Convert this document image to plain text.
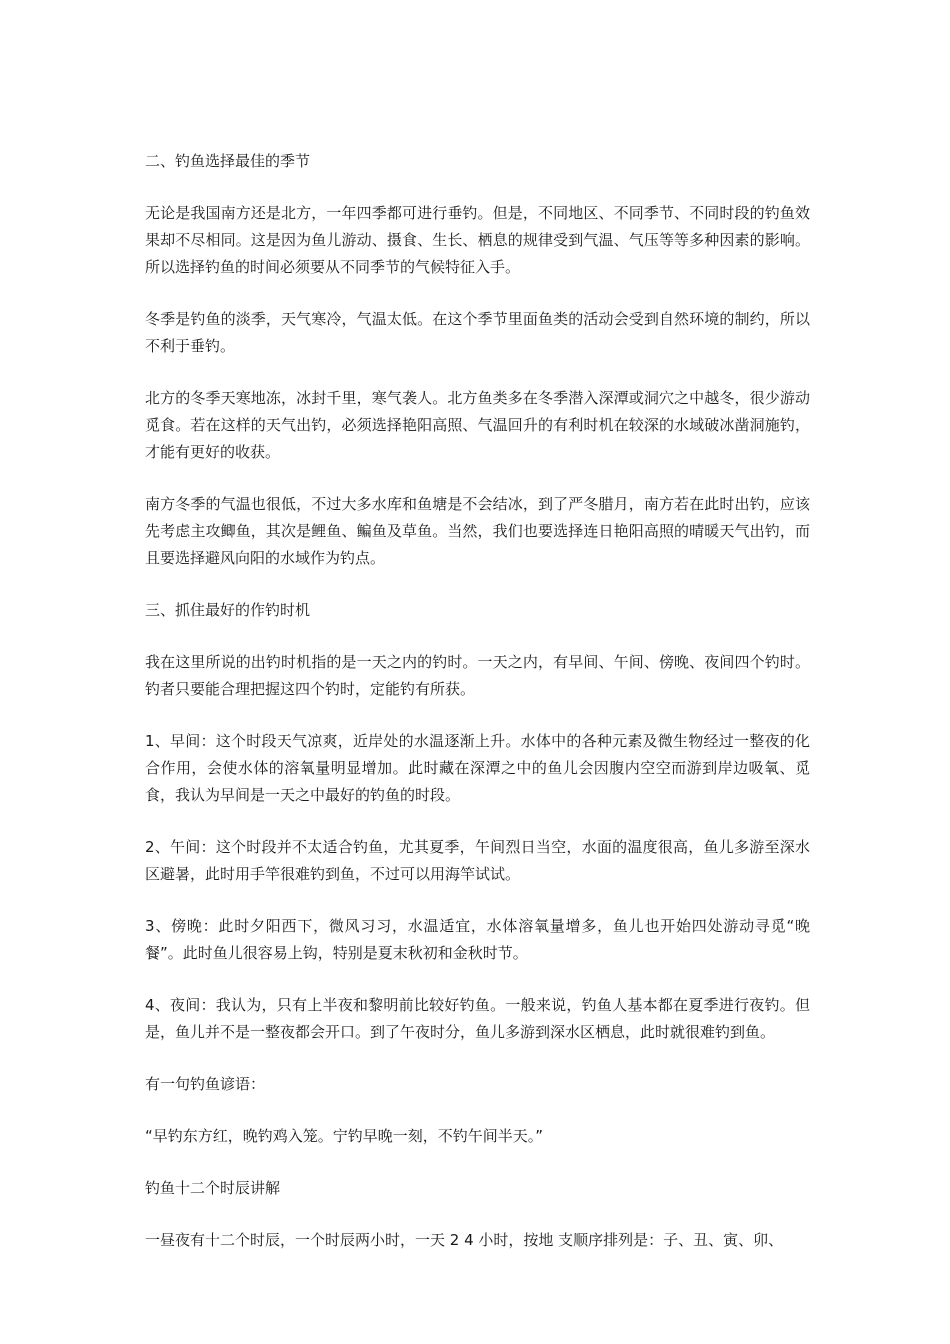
二、钓鱼选择最佳的季节

无论是我国南方还是北方，一年四季都可进行垂钓。但是，不同地区、不同季节、不同时段的钓鱼效果却不尽相同。这是因为鱼儿游动、摄食、生长、栖息的规律受到气温、气压等等多种因素的影响。所以选择钓鱼的时间必须要从不同季节的气候特征入手。

冬季是钓鱼的淡季，天气寒冷，气温太低。在这个季节里面鱼类的活动会受到自然环境的制约，所以不利于垂钓。

北方的冬季天寒地冻，冰封千里，寒气袭人。北方鱼类多在冬季潜入深潭或洞穴之中越冬，很少游动觅食。若在这样的天气出钓，必须选择艳阳高照、气温回升的有利时机在较深的水域破冰凿洞施钓，才能有更好的收获。

南方冬季的气温也很低，不过大多水库和鱼塘是不会结冰，到了严冬腊月，南方若在此时出钓，应该先考虑主攻鲫鱼，其次是鲤鱼、鳊鱼及草鱼。当然，我们也要选择连日艳阳高照的晴暖天气出钓，而且要选择避风向阳的水域作为钓点。

三、抓住最好的作钓时机

我在这里所说的出钓时机指的是一天之内的钓时。一天之内，有早间、午间、傍晚、夜间四个钓时。钓者只要能合理把握这四个钓时，定能钓有所获。

1、早间：这个时段天气凉爽，近岸处的水温逐渐上升。水体中的各种元素及微生物经过一整夜的化合作用，会使水体的溶氧量明显增加。此时藏在深潭之中的鱼儿会因腹内空空而游到岸边吸氧、觅食，我认为早间是一天之中最好的钓鱼的时段。

2、午间：这个时段并不太适合钓鱼，尤其夏季，午间烈日当空，水面的温度很高，鱼儿多游至深水区避暑，此时用手竿很难钓到鱼，不过可以用海竿试试。

3、傍晚：此时夕阳西下，微风习习，水温适宜，水体溶氧量增多，鱼儿也开始四处游动寻觅“晚餐”。此时鱼儿很容易上钩，特别是夏末秋初和金秋时节。

4、夜间：我认为，只有上半夜和黎明前比较好钓鱼。一般来说，钓鱼人基本都在夏季进行夜钓。但是，鱼儿并不是一整夜都会开口。到了午夜时分，鱼儿多游到深水区栖息，此时就很难钓到鱼。

有一句钓鱼谚语：

“早钓东方红，晚钓鸡入笼。宁钓早晚一刻，不钓午间半天。”

钓鱼十二个时辰讲解

一昼夜有十二个时辰，一个时辰两小时，一天 2 4 小时，按地 支顺序排列是：子、丑、寅、卯、
